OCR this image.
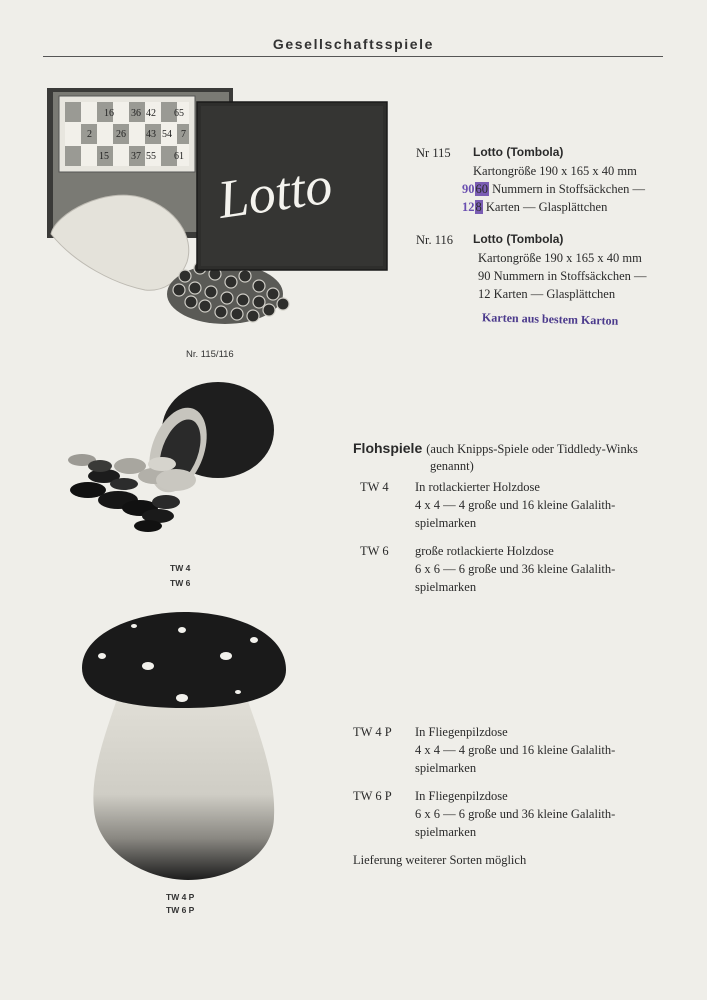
Gesellschaftsspiele
16 36 42 65
2 26 43 54 7
15 37 55 61 Lotto
Nr. 115/116
Nr 115 Lotto (Tombola)
Kartongröße 190 x 165 x 40 mm
9060 Nummern in Stoffsäckchen —
128 Karten — Glasplättchen
Nr. 116 Lotto (Tombola)
Kartongröße 190 x 165 x 40 mm
90 Nummern in Stoffsäckchen —
12 Karten — Glasplättchen
Karten aus bestem Karton
TW 4
TW 6
Flohspiele (auch Knipps-Spiele oder Tiddledy-Winks
genannt)
TW 4 In rotlackierter Holzdose
4 x 4 — 4 große und 16 kleine Galalith-
spielmarken
TW 6 große rotlackierte Holzdose
6 x 6 — 6 große und 36 kleine Galalith-
spielmarken
TW 4 P
TW 6 P
TW 4 P In Fliegenpilzdose
4 x 4 — 4 große und 16 kleine Galalith-
spielmarken
TW 6 P In Fliegenpilzdose
6 x 6 — 6 große und 36 kleine Galalith-
spielmarken
Lieferung weiterer Sorten möglich
